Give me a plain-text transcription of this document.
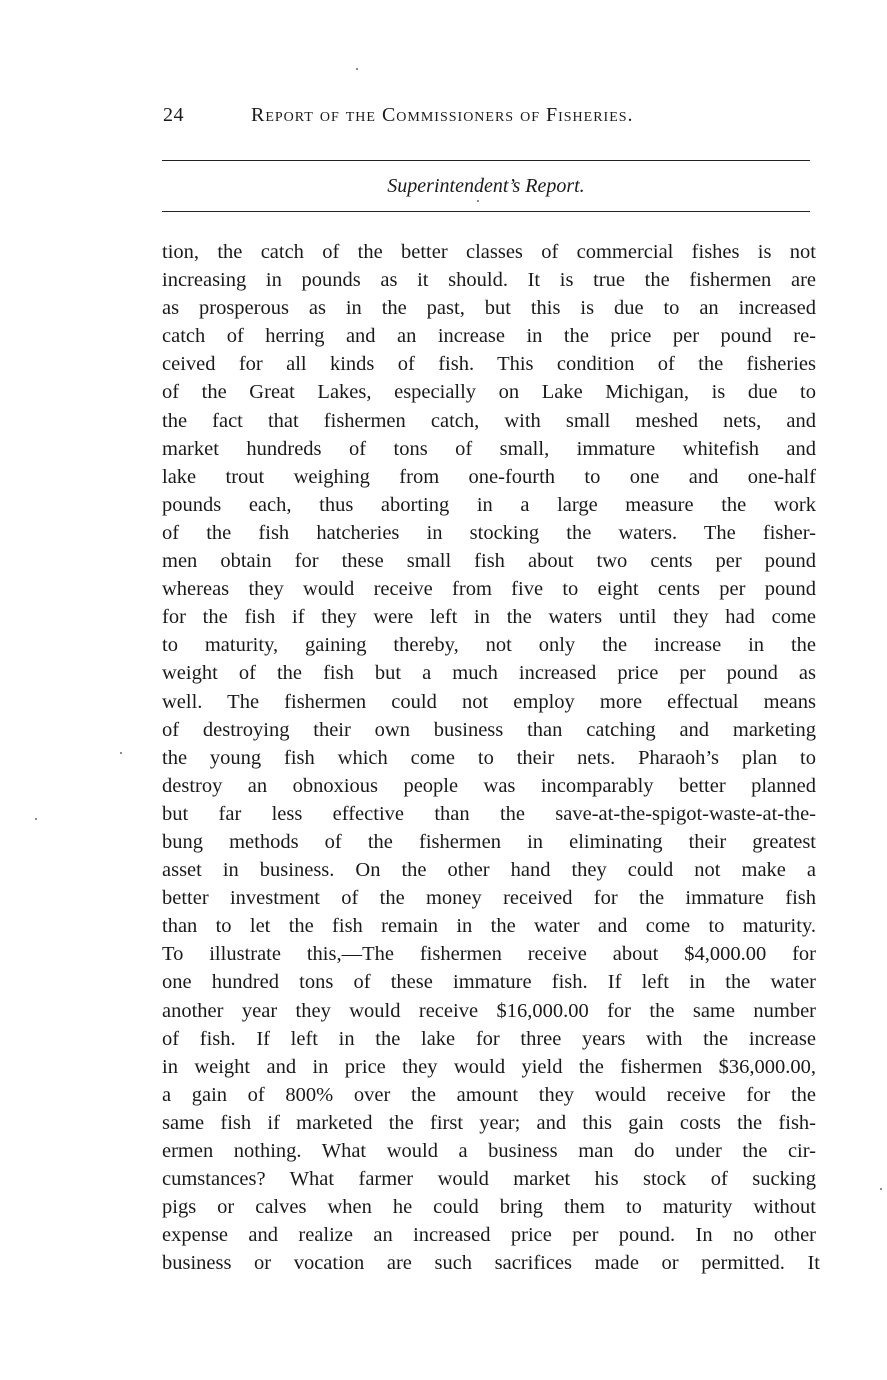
24	Report of the Commissioners of Fisheries.
Superintendent’s Report.
tion, the catch of the better classes of commercial fishes is not
increasing in pounds as it should. It is true the fishermen are
as prosperous as in the past, but this is due to an increased
catch of herring and an increase in the price per pound re-
ceived for all kinds of fish. This condition of the fisheries
of the Great Lakes, especially on Lake Michigan, is due to
the fact that fishermen catch, with small meshed nets, and
market hundreds of tons of small, immature whitefish and
lake trout weighing from one-fourth to one and one-half
pounds each, thus aborting in a large measure the work
of the fish hatcheries in stocking the waters. The fisher-
men obtain for these small fish about two cents per pound
whereas they would receive from five to eight cents per pound
for the fish if they were left in the waters until they had come
to maturity, gaining thereby, not only the increase in the
weight of the fish but a much increased price per pound as
well. The fishermen could not employ more effectual means
of destroying their own business than catching and marketing
the young fish which come to their nets. Pharaoh’s plan to
destroy an obnoxious people was incomparably better planned
but far less effective than the save-at-the-spigot-waste-at-the-
bung methods of the fishermen in eliminating their greatest
asset in business. On the other hand they could not make a
better investment of the money received for the immature fish
than to let the fish remain in the water and come to maturity.
To illustrate this,—The fishermen receive about $4,000.00 for
one hundred tons of these immature fish. If left in the water
another year they would receive $16,000.00 for the same number
of fish. If left in the lake for three years with the increase
in weight and in price they would yield the fishermen $36,000.00,
a gain of 800% over the amount they would receive for the
same fish if marketed the first year; and this gain costs the fish-
ermen nothing. What would a business man do under the cir-
cumstances? What farmer would market his stock of sucking
pigs or calves when he could bring them to maturity without
expense and realize an increased price per pound. In no other
business or vocation are such sacrifices made or permitted. It
